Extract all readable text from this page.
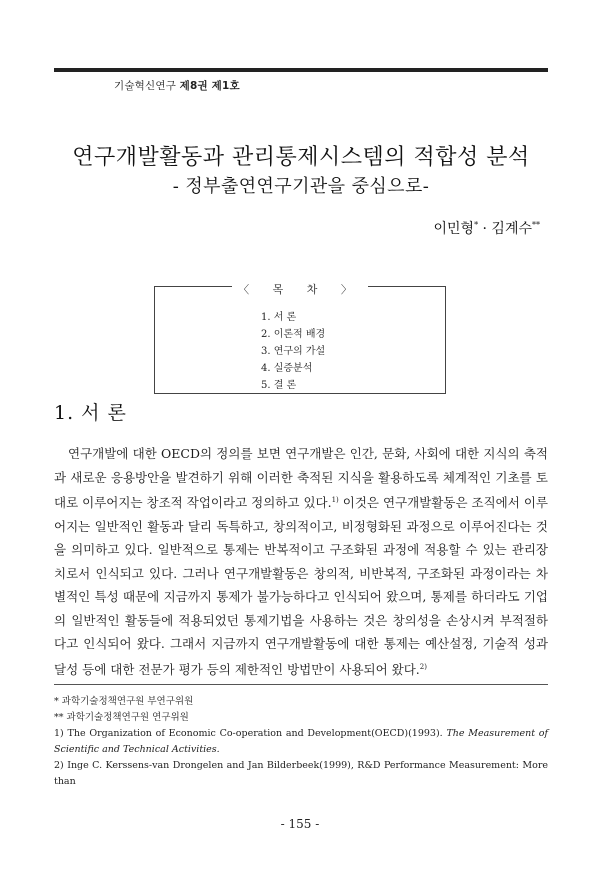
기술혁신연구 제8권 제1호
연구개발활동과 관리통제시스템의 적합성 분석
- 정부출연연구기관을 중심으로-
이민형* · 김계수**
〈 목 차 〉
1. 서 론
2. 이론적 배경
3. 연구의 가설
4. 실증분석
5. 결 론
1. 서 론

연구개발에 대한 OECD의 정의를 보면 연구개발은 인간, 문화, 사회에 대한 지식의 축적과 새로운 응용방안을 발견하기 위해 이러한 축적된 지식을 활용하도록 체계적인 기초를 토대로 이루어지는 창조적 작업이라고 정의하고 있다.$^{1)}$ 이것은 연구개발활동은 조직에서 이루어지는 일반적인 활동과 달리 독특하고, 창의적이고, 비정형화된 과정으로 이루어진다는 것을 의미하고 있다. 일반적으로 통제는 반복적이고 구조화된 과정에 적용할 수 있는 관리장치로서 인식되고 있다. 그러나 연구개발활동은 창의적, 비반복적, 구조화된 과정이라는 차별적인 특성 때문에 지금까지 통제가 불가능하다고 인식되어 왔으며, 통제를 하더라도 기업의 일반적인 활동들에 적용되었던 통제기법을 사용하는 것은 창의성을 손상시켜 부적절하다고 인식되어 왔다. 그래서 지금까지 연구개발활동에 대한 통제는 예산설정, 기술적 성과달성 등에 대한 전문가 평가 등의 제한적인 방법만이 사용되어 왔다.$^{2)}$

* 과학기술정책연구원 부연구위원

** 과학기술정책연구원 연구위원

1) The Organization of Economic Co-operation and Development(OECD)(1993). The Measurement of Scientific and Technical Activities.

2) Inge C. Kerssens-van Drongelen and Jan Bilderbeek(1999), R&D Performance Measurement: More than

- 155 -
